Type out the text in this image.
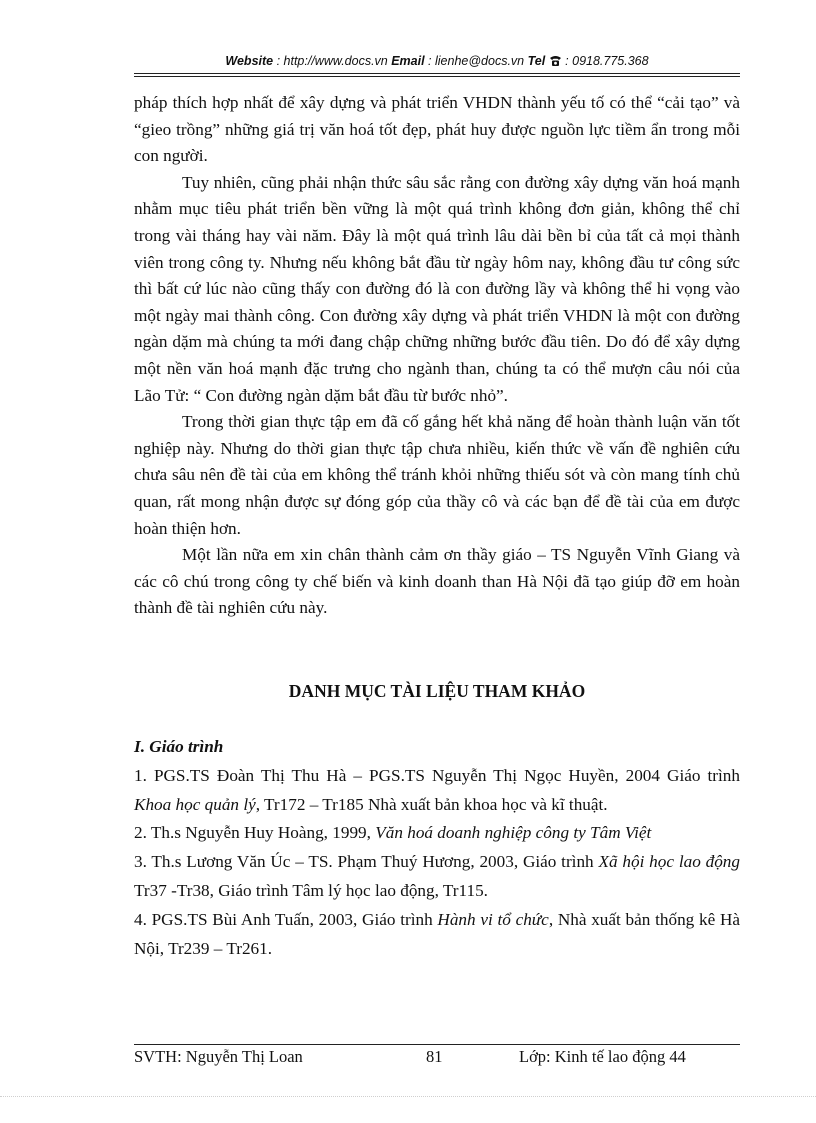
Website : http://www.docs.vn Email : lienhe@docs.vn Tel  : 0918.775.368

pháp thích hợp nhất để xây dựng và phát triển VHDN thành yếu tố có thể “cải tạo” và “gieo trồng” những giá trị văn hoá tốt đẹp, phát huy được nguồn lực tiềm ẩn trong mỗi con người.

Tuy nhiên, cũng phải nhận thức sâu sắc rằng con đường xây dựng văn hoá mạnh nhằm mục tiêu phát triển bền vững là một quá trình không đơn giản, không thể chỉ trong vài tháng hay vài năm. Đây là một quá trình lâu dài bền bỉ của tất cả mọi thành viên trong công ty. Nhưng nếu không bắt đầu từ ngày hôm nay, không đầu tư công sức thì bất cứ lúc nào cũng thấy con đường đó là con đường lầy và không thể hi vọng vào một ngày mai thành công. Con đường xây dựng và phát triển VHDN là một con đường ngàn dặm mà chúng ta mới đang chập chững những bước đầu tiên. Do đó để xây dựng một nền văn hoá mạnh đặc trưng cho ngành than, chúng ta có thể mượn câu nói của Lão Tử: “ Con đường ngàn dặm bắt đầu từ bước nhỏ”.

Trong thời gian thực tập em đã cố gắng hết khả năng để hoàn thành luận văn tốt nghiệp này. Nhưng do thời gian thực tập chưa nhiều, kiến thức về vấn đề nghiên cứu chưa sâu nên đề tài của em không thể tránh khỏi những thiếu sót và còn mang tính chủ quan, rất mong nhận được sự đóng góp của thầy cô và các bạn để đề tài của em được hoàn thiện hơn.

Một lần nữa em xin chân thành cảm ơn thầy giáo – TS Nguyễn Vĩnh Giang và các cô chú trong công ty chế biến và kinh doanh than Hà Nội đã tạo giúp đỡ em hoàn thành đề tài nghiên cứu này.

DANH MỤC TÀI LIỆU THAM KHẢO

I. Giáo trình

1. PGS.TS Đoàn Thị Thu Hà – PGS.TS Nguyễn Thị Ngọc Huyền, 2004 Giáo trình Khoa học quản lý, Tr172 – Tr185 Nhà xuất bản khoa học và kĩ thuật.

2. Th.s Nguyễn Huy Hoàng, 1999, Văn hoá doanh nghiệp công ty Tâm Việt

3. Th.s Lương Văn Úc – TS. Phạm Thuý Hương, 2003, Giáo trình Xã hội học lao động Tr37 -Tr38, Giáo trình Tâm lý học lao động, Tr115.

4. PGS.TS Bùi Anh Tuấn, 2003, Giáo trình Hành vi tổ chức, Nhà xuất bản thống kê Hà Nội, Tr239 – Tr261.

SVTH: Nguyễn Thị Loan	81	Lớp: Kinh tế lao động 44
